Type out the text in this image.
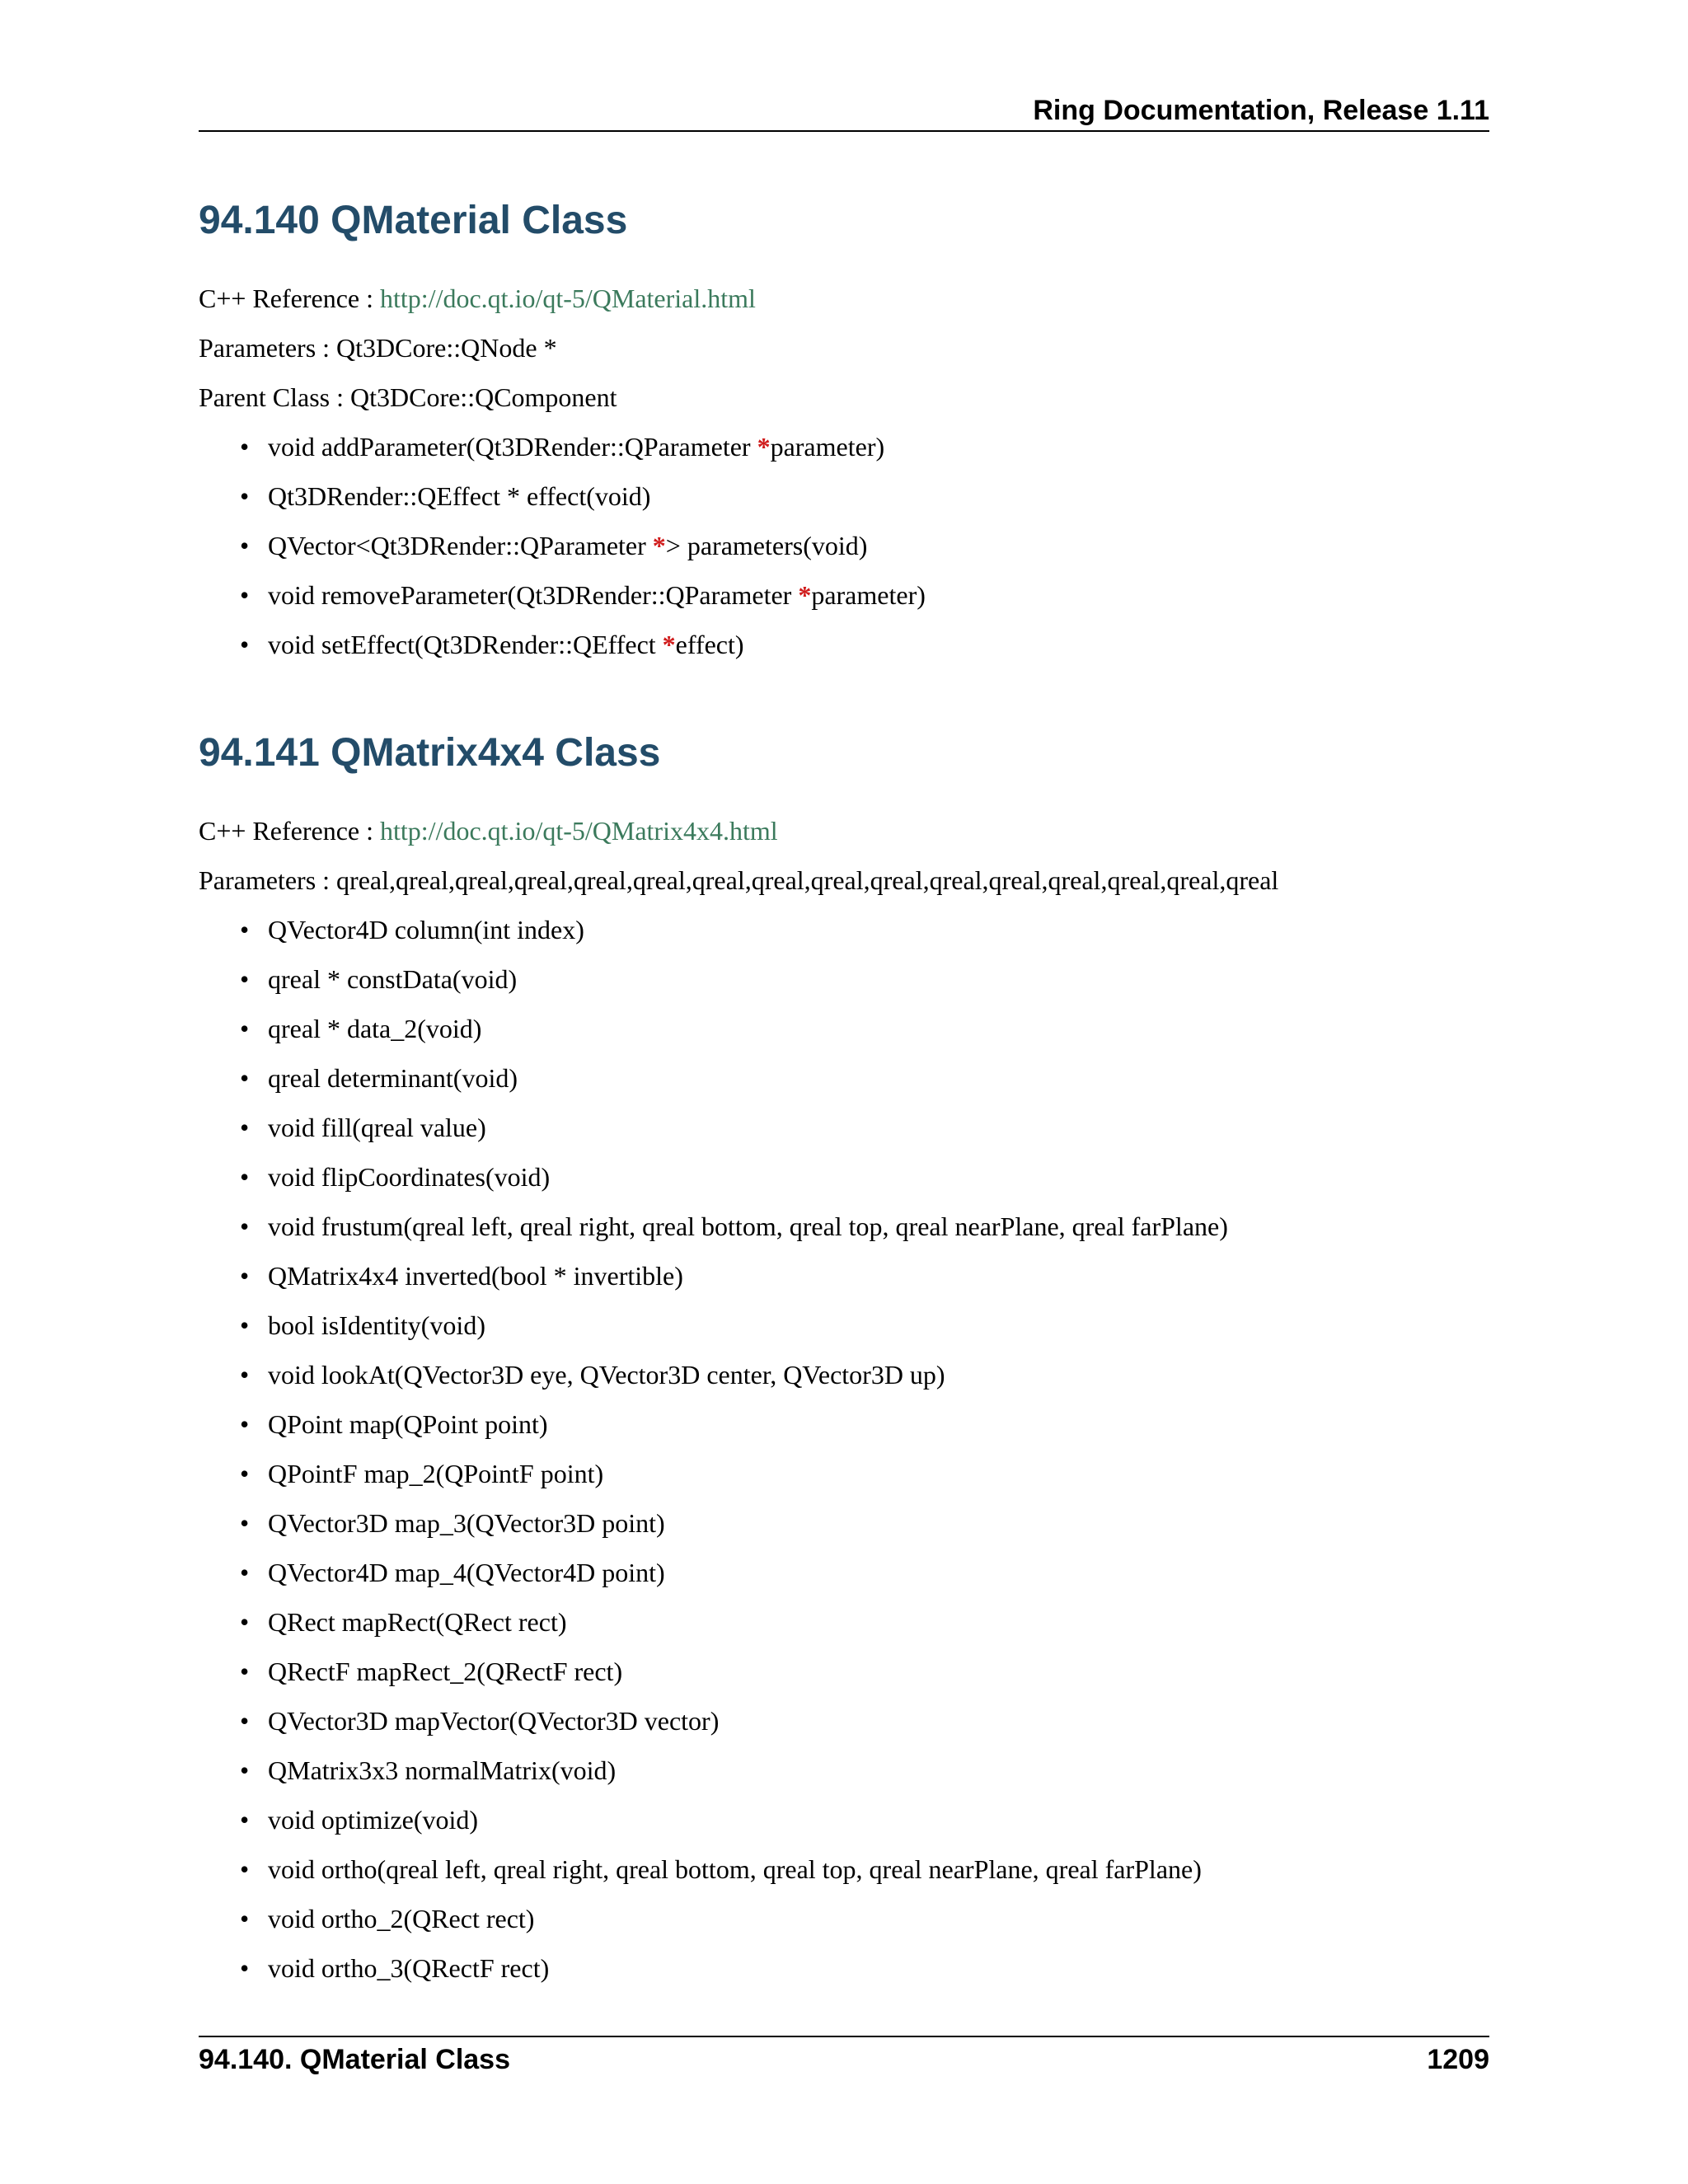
Ring Documentation, Release 1.11
94.140 QMaterial Class
C++ Reference : http://doc.qt.io/qt-5/QMaterial.html
Parameters : Qt3DCore::QNode *
Parent Class : Qt3DCore::QComponent
• void addParameter(Qt3DRender::QParameter *parameter)
• Qt3DRender::QEffect * effect(void)
• QVector<Qt3DRender::QParameter *> parameters(void)
• void removeParameter(Qt3DRender::QParameter *parameter)
• void setEffect(Qt3DRender::QEffect *effect)
94.141 QMatrix4x4 Class
C++ Reference : http://doc.qt.io/qt-5/QMatrix4x4.html
Parameters : qreal,qreal,qreal,qreal,qreal,qreal,qreal,qreal,qreal,qreal,qreal,qreal,qreal,qreal,qreal,qreal
• QVector4D column(int index)
• qreal * constData(void)
• qreal * data_2(void)
• qreal determinant(void)
• void fill(qreal value)
• void flipCoordinates(void)
• void frustum(qreal left, qreal right, qreal bottom, qreal top, qreal nearPlane, qreal farPlane)
• QMatrix4x4 inverted(bool * invertible)
• bool isIdentity(void)
• void lookAt(QVector3D eye, QVector3D center, QVector3D up)
• QPoint map(QPoint point)
• QPointF map_2(QPointF point)
• QVector3D map_3(QVector3D point)
• QVector4D map_4(QVector4D point)
• QRect mapRect(QRect rect)
• QRectF mapRect_2(QRectF rect)
• QVector3D mapVector(QVector3D vector)
• QMatrix3x3 normalMatrix(void)
• void optimize(void)
• void ortho(qreal left, qreal right, qreal bottom, qreal top, qreal nearPlane, qreal farPlane)
• void ortho_2(QRect rect)
• void ortho_3(QRectF rect)
94.140. QMaterial Class	1209
